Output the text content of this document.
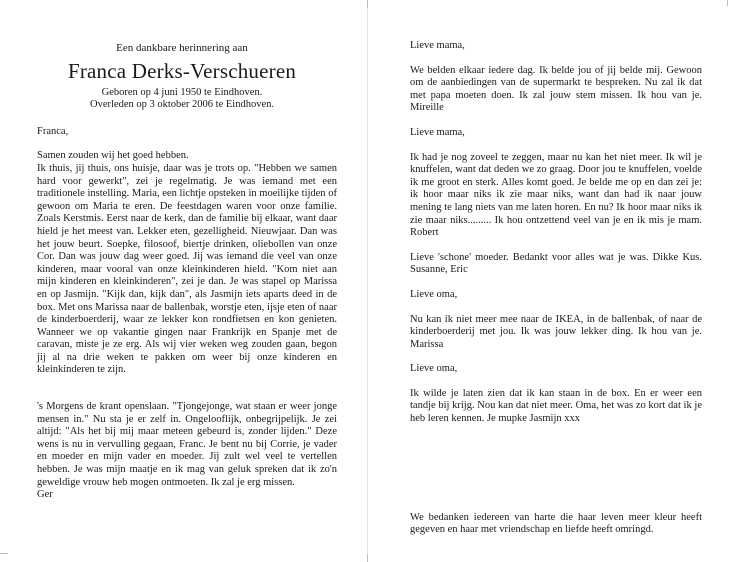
Een dankbare herinnering aan
Franca Derks-Verschueren
Geboren op 4 juni 1950 te Eindhoven.
Overleden op 3 oktober 2006 te Eindhoven.

Franca,

Samen zouden wij het goed hebben.

Ik thuis, jij thuis, ons huisje, daar was je trots op. "Hebben we samen hard voor gewerkt", zei je regelmatig. Je was iemand met een traditionele instelling. Maria, een lichtje opsteken in moeilijke tijden of gewoon om Maria te eren. De feestdagen waren voor onze familie. Zoals Kerstmis. Eerst naar de kerk, dan de familie bij elkaar, want daar hield je het meest van. Lekker eten, gezelligheid. Nieuwjaar. Dan was het jouw beurt. Soepke, filosoof, biertje drinken, oliebollen van onze Cor. Dan was jouw dag weer goed. Jij was iemand die veel van onze kinderen, maar vooral van onze kleinkinderen hield. "Kom niet aan mijn kinderen en kleinkinderen", zei je dan. Je was stapel op Marissa en op Jasmijn. "Kijk dan, kijk dan", als Jasmijn iets aparts deed in de box. Met ons Marissa naar de ballenbak, worstje eten, ijsje eten of naar de kinderboerderij, waar ze lekker kon rondfietsen en kon genieten. Wanneer we op vakantie gingen naar Frankrijk en Spanje met de caravan, miste je ze erg. Als wij vier weken weg zouden gaan, begon jij al na drie weken te pakken om weer bij onze kinderen en kleinkinderen te zijn.

's Morgens de krant openslaan. "Tjongejonge, wat staan er weer jonge mensen in." Nu sta je er zelf in. Ongelooflijk, onbegrijpelijk. Je zei altijd: "Als het bij mij maar meteen gebeurd is, zonder lijden." Deze wens is nu in vervulling gegaan, Franc. Je bent nu bij Corrie, je vader en moeder en mijn vader en moeder. Jij zult wel veel te vertellen hebben. Je was mijn maatje en ik mag van geluk spreken dat ik zo'n geweldige vrouw heb mogen ontmoeten. Ik zal je erg missen.

Ger

Lieve mama,

We belden elkaar iedere dag. Ik belde jou of jij belde mij. Gewoon om de aanbiedingen van de supermarkt te bespreken. Nu zal ik dat met papa moeten doen. Ik zal jouw stem missen. Ik hou van je. Mireille

Lieve mama,

Ik had je nog zoveel te zeggen, maar nu kan het niet meer. Ik wil je knuffelen, want dat deden we zo graag. Door jou te knuffelen, voelde ik me groot en sterk. Alles komt goed. Je belde me op en dan zei je: ik hoor maar niks ik zie maar niks, want dan had ik naar jouw mening te lang niets van me laten horen. En nu? Ik hoor maar niks ik zie maar niks......... Ik hou ontzettend veel van je en ik mis je mam. Robert

Lieve 'schone' moeder. Bedankt voor alles wat je was. Dikke Kus. Susanne, Eric

Lieve oma,

Nu kan ik niet meer mee naar de IKEA, in de ballenbak, of naar de kinderboerderij met jou. Ik was jouw lekker ding. Ik hou van je. Marissa

Lieve oma,

Ik wilde je laten zien dat ik kan staan in de box. En er weer een tandje bij krijg. Nou kan dat niet meer. Oma, het was zo kort dat ik je heb leren kennen. Je mupke Jasmijn xxx

We bedanken iedereen van harte die haar leven meer kleur heeft gegeven en haar met vriendschap en liefde heeft omringd.
